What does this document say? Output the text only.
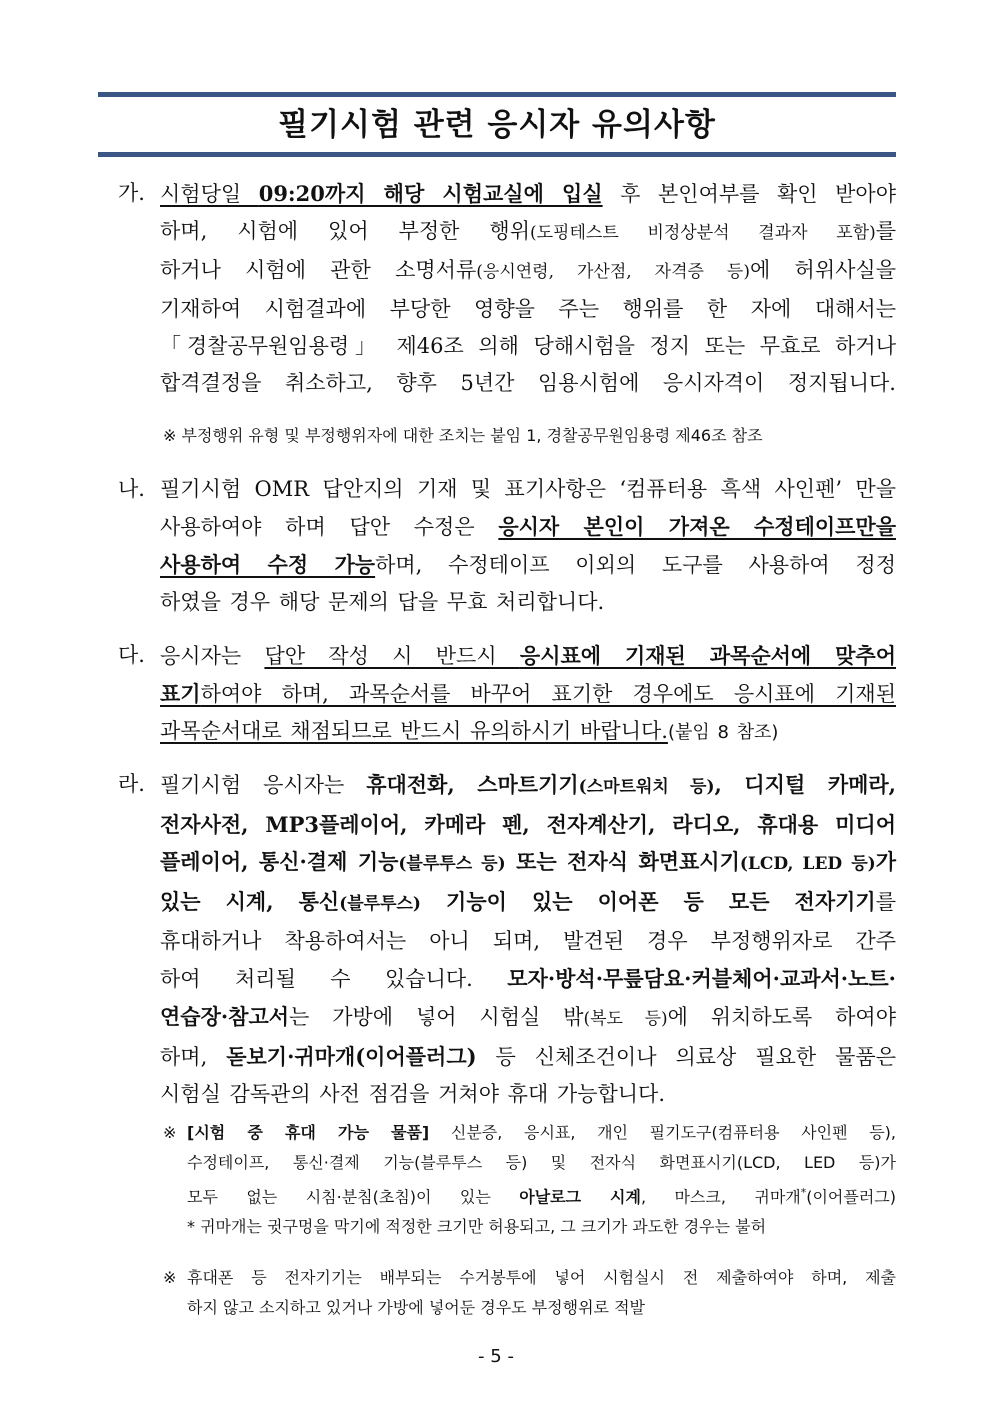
필기시험 관련 응시자 유의사항
가. 시험당일 09:20까지 해당 시험교실에 입실 후 본인여부를 확인 받아야
하며, 시험에 있어 부정한 행위(도핑테스트 비정상분석 결과자 포함)를
하거나 시험에 관한 소명서류(응시연령, 가산점, 자격증 등)에 허위사실을
기재하여 시험결과에 부당한 영향을 주는 행위를 한 자에 대해서는
「경찰공무원임용령」 제46조 의해 당해시험을 정지 또는 무효로 하거나
합격결정을 취소하고, 향후 5년간 임용시험에 응시자격이 정지됩니다.
※ 부정행위 유형 및 부정행위자에 대한 조치는 붙임 1, 경찰공무원임용령 제46조 참조
나. 필기시험 OMR 답안지의 기재 및 표기사항은 ‘컴퓨터용 흑색 사인펜’ 만을
사용하여야 하며 답안 수정은 응시자 본인이 가져온 수정테이프만을
사용하여 수정 가능하며, 수정테이프 이외의 도구를 사용하여 정정
하였을 경우 해당 문제의 답을 무효 처리합니다.
다. 응시자는 답안 작성 시 반드시 응시표에 기재된 과목순서에 맞추어
표기하여야 하며, 과목순서를 바꾸어 표기한 경우에도 응시표에 기재된
과목순서대로 채점되므로 반드시 유의하시기 바랍니다.(붙임 8 참조)
라. 필기시험 응시자는 휴대전화, 스마트기기(스마트워치 등), 디지털 카메라,
전자사전, MP3플레이어, 카메라 펜, 전자계산기, 라디오, 휴대용 미디어
플레이어, 통신·결제 기능(블루투스 등) 또는 전자식 화면표시기(LCD, LED 등)가
있는 시계, 통신(블루투스) 기능이 있는 이어폰 등 모든 전자기기를
휴대하거나 착용하여서는 아니 되며, 발견된 경우 부정행위자로 간주
하여 처리될 수 있습니다. 모자·방석·무릎담요·커블체어·교과서·노트·
연습장·참고서는 가방에 넣어 시험실 밖(복도 등)에 위치하도록 하여야
하며, 돋보기·귀마개(이어플러그) 등 신체조건이나 의료상 필요한 물품은
시험실 감독관의 사전 점검을 거쳐야 휴대 가능합니다.
※ [시험 중 휴대 가능 물품] 신분증, 응시표, 개인 필기도구(컴퓨터용 사인펜 등),
수정테이프, 통신·결제 기능(블루투스 등) 및 전자식 화면표시기(LCD, LED 등)가
모두 없는 시침·분침(초침)이 있는 아날로그 시계, 마스크, 귀마개*(이어플러그)
* 귀마개는 귓구멍을 막기에 적정한 크기만 허용되고, 그 크기가 과도한 경우는 불허
※ 휴대폰 등 전자기기는 배부되는 수거봉투에 넣어 시험실시 전 제출하여야 하며, 제출
하지 않고 소지하고 있거나 가방에 넣어둔 경우도 부정행위로 적발
- 5 -
